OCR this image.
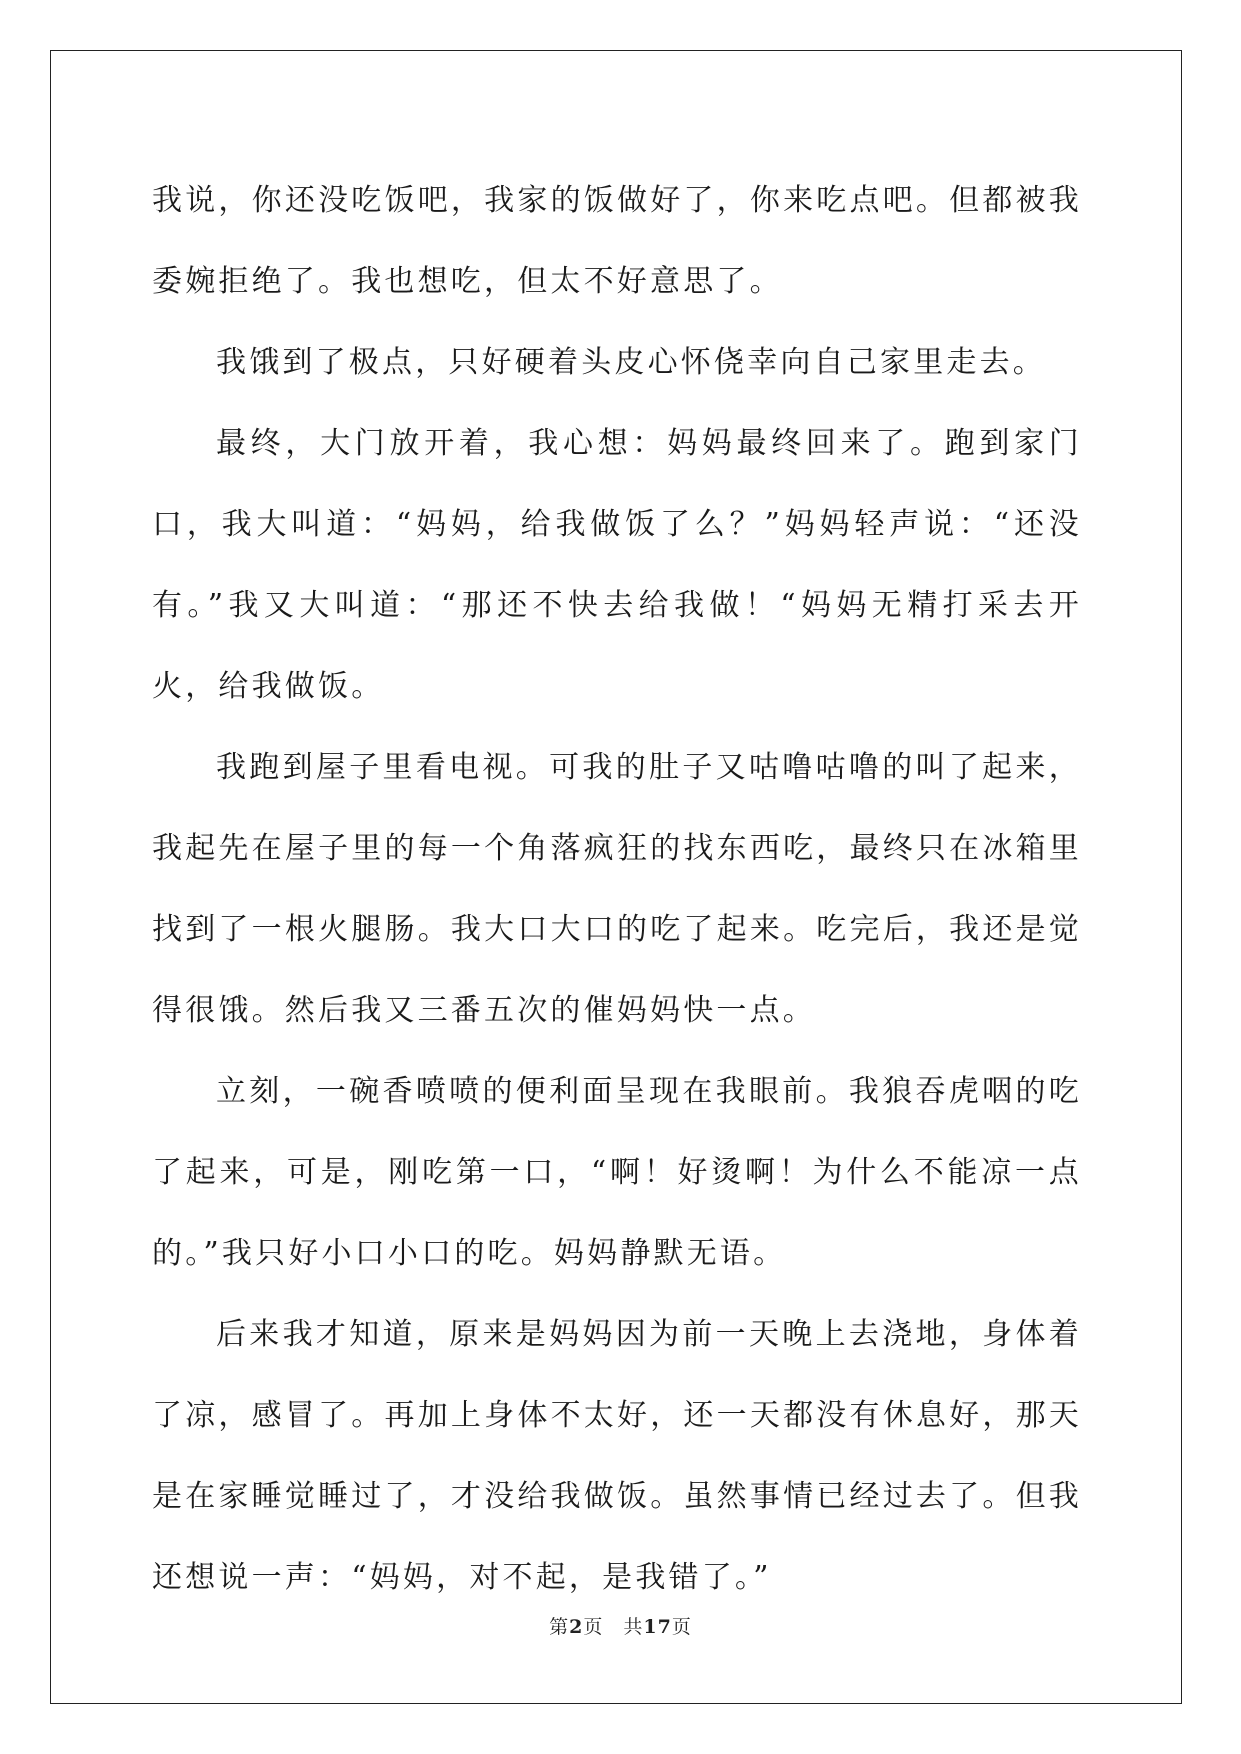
我说，你还没吃饭吧，我家的饭做好了，你来吃点吧。但都被我委婉拒绝了。我也想吃，但太不好意思了。

我饿到了极点，只好硬着头皮心怀侥幸向自己家里走去。

最终，大门放开着，我心想：妈妈最终回来了。跑到家门口，我大叫道：“妈妈，给我做饭了么？”妈妈轻声说：“还没有。”我又大叫道：“那还不快去给我做！“妈妈无精打采去开火，给我做饭。

我跑到屋子里看电视。可我的肚子又咕噜咕噜的叫了起来，我起先在屋子里的每一个角落疯狂的找东西吃，最终只在冰箱里找到了一根火腿肠。我大口大口的吃了起来。吃完后，我还是觉得很饿。然后我又三番五次的催妈妈快一点。

立刻，一碗香喷喷的便利面呈现在我眼前。我狼吞虎咽的吃了起来，可是，刚吃第一口，“啊！好烫啊！为什么不能凉一点的。”我只好小口小口的吃。妈妈静默无语。

后来我才知道，原来是妈妈因为前一天晚上去浇地，身体着了凉，感冒了。再加上身体不太好，还一天都没有休息好，那天是在家睡觉睡过了，才没给我做饭。虽然事情已经过去了。但我还想说一声：“妈妈，对不起，是我错了。”

第2页 共17页
